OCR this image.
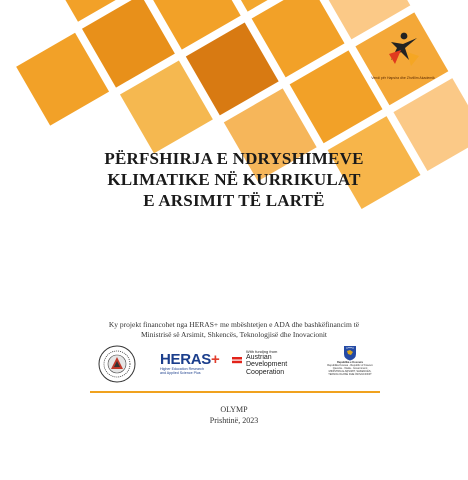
Vendi për Hapsira dhe Zhvillim Akademik
PËRFSHIRJA E NDRYSHIMEVE
KLIMATIKE NË KURRIKULAT
E ARSIMIT TË LARTË
Ky projekt financohet nga HERAS+ me mbështetjen e ADA dhe bashkëfinancim të
Ministrisë së Arsimit, Shkencës, Teknologjisë dhe Inovacionit
HERAS+
Higher Education Research
and Applied Science Plus
With funding from
Austrian
Development
Cooperation
Republika e Kosovës
Republika Kosova - Republic of Kosovo
Qeveria - Vlada - Government
MINISTRIA E ARSIMIT, SHKENCËS, TEKNOLOGJISË DHE INOVACIONIT
OLYMP
Prishtinë, 2023
